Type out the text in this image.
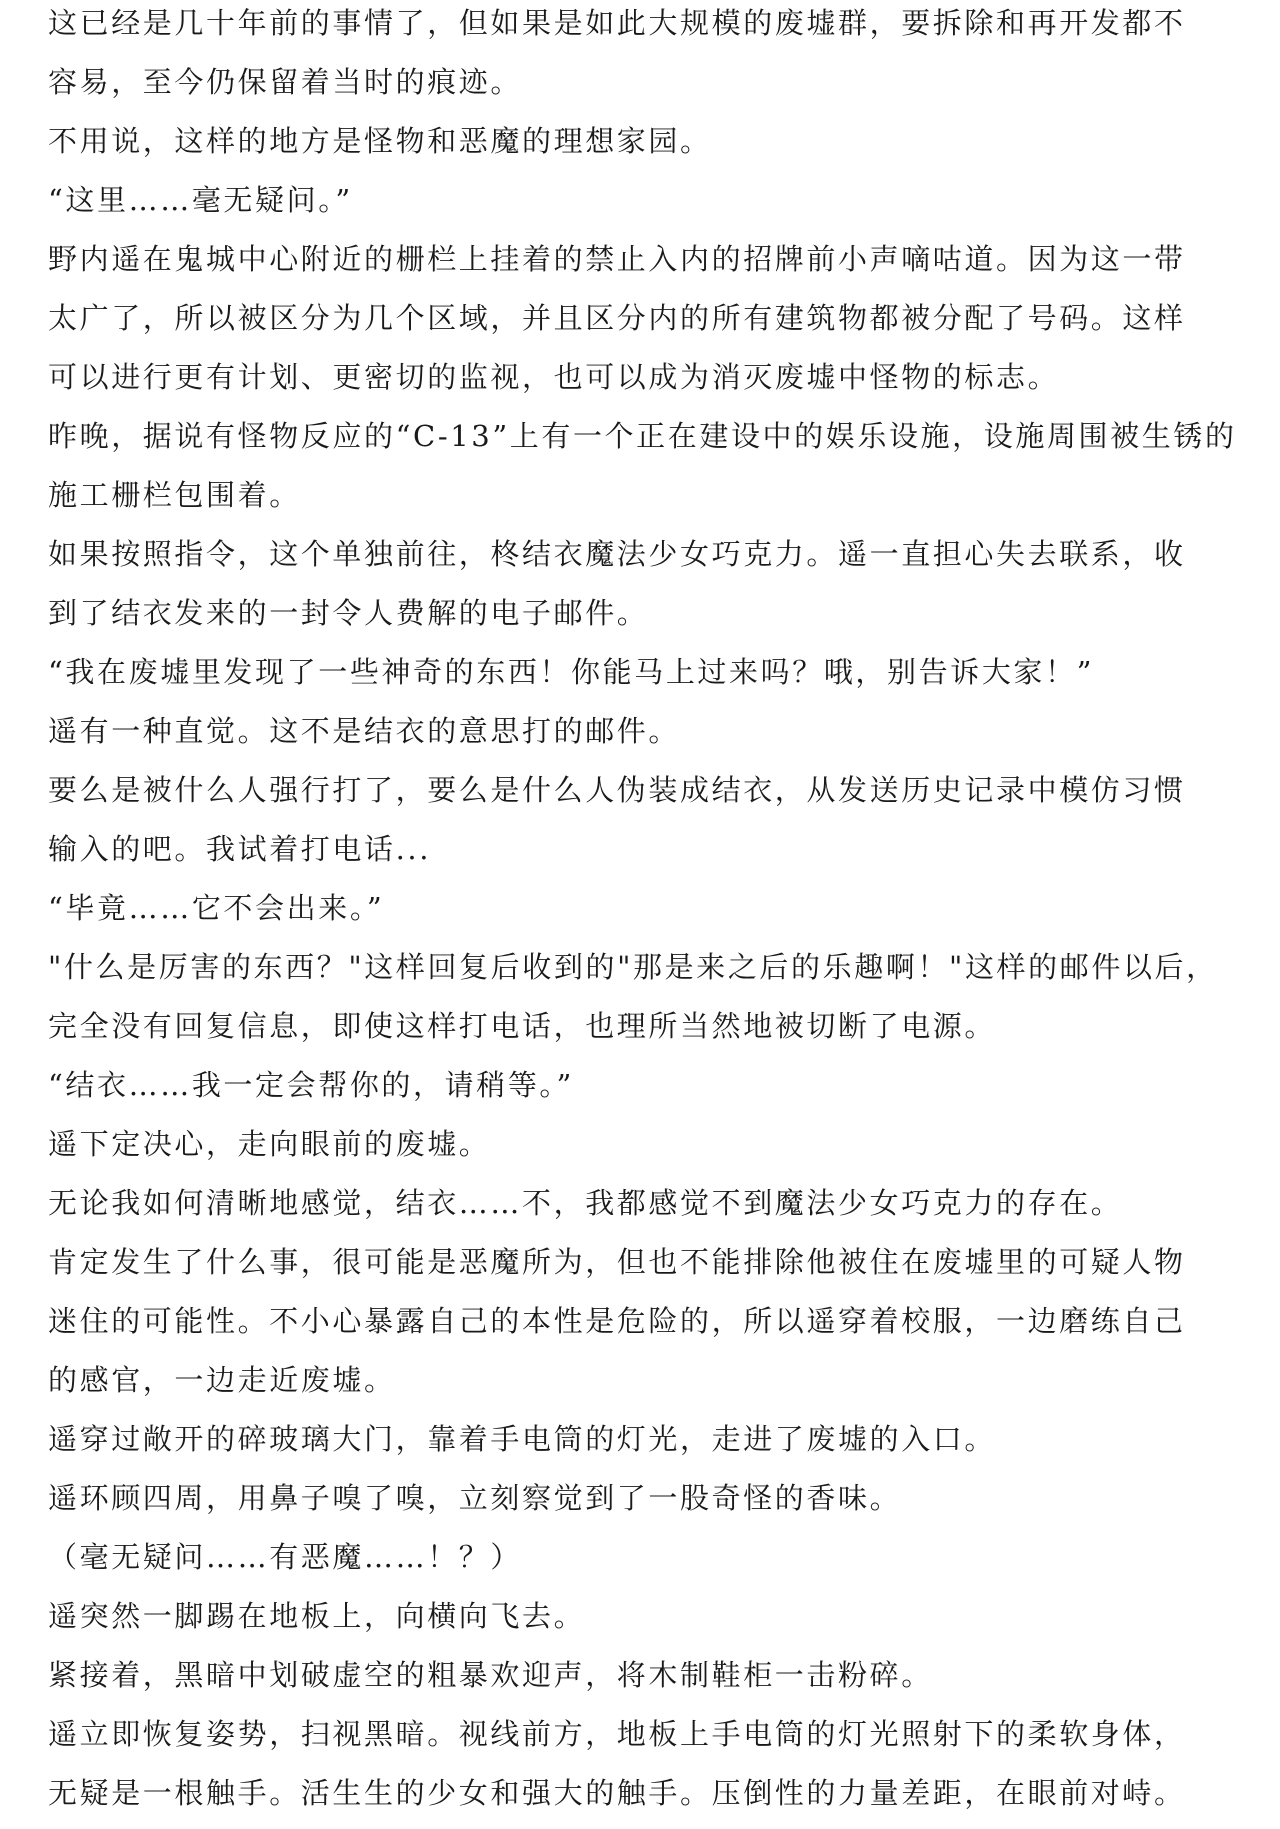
这已经是几十年前的事情了，但如果是如此大规模的废墟群，要拆除和再开发都不
容易，至今仍保留着当时的痕迹。
不用说，这样的地方是怪物和恶魔的理想家园。
“这里……毫无疑问。”
野内遥在鬼城中心附近的栅栏上挂着的禁止入内的招牌前小声嘀咕道。因为这一带
太广了，所以被区分为几个区域，并且区分内的所有建筑物都被分配了号码。这样
可以进行更有计划、更密切的监视，也可以成为消灭废墟中怪物的标志。
昨晚，据说有怪物反应的“C-13”上有一个正在建设中的娱乐设施，设施周围被生锈的
施工栅栏包围着。
如果按照指令，这个单独前往，柊结衣魔法少女巧克力。遥一直担心失去联系，收
到了结衣发来的一封令人费解的电子邮件。
“我在废墟里发现了一些神奇的东西！你能马上过来吗？哦，别告诉大家！”
遥有一种直觉。这不是结衣的意思打的邮件。
要么是被什么人强行打了，要么是什么人伪装成结衣，从发送历史记录中模仿习惯
输入的吧。我试着打电话...
“毕竟……它不会出来。”
"什么是厉害的东西？"这样回复后收到的"那是来之后的乐趣啊！"这样的邮件以后，
完全没有回复信息，即使这样打电话，也理所当然地被切断了电源。
“结衣……我一定会帮你的，请稍等。”
遥下定决心，走向眼前的废墟。
无论我如何清晰地感觉，结衣……不，我都感觉不到魔法少女巧克力的存在。
肯定发生了什么事，很可能是恶魔所为，但也不能排除他被住在废墟里的可疑人物
迷住的可能性。不小心暴露自己的本性是危险的，所以遥穿着校服，一边磨练自己
的感官，一边走近废墟。
遥穿过敞开的碎玻璃大门，靠着手电筒的灯光，走进了废墟的入口。
遥环顾四周，用鼻子嗅了嗅，立刻察觉到了一股奇怪的香味。
（毫无疑问……有恶魔……！？）
遥突然一脚踢在地板上，向横向飞去。
紧接着，黑暗中划破虚空的粗暴欢迎声，将木制鞋柜一击粉碎。
遥立即恢复姿势，扫视黑暗。视线前方，地板上手电筒的灯光照射下的柔软身体，
无疑是一根触手。活生生的少女和强大的触手。压倒性的力量差距，在眼前对峙。
